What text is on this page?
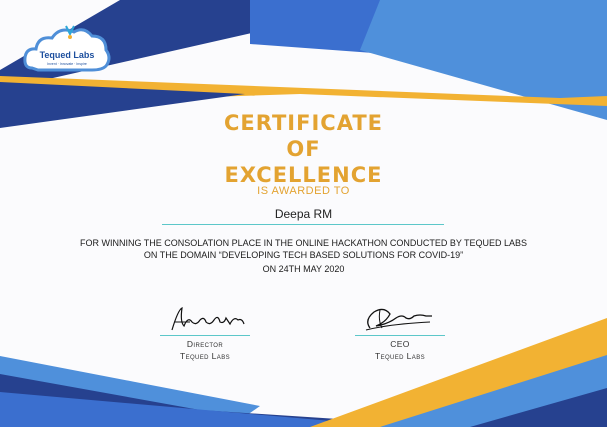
Tequed Labs
Invent · Innovate · Inspire
CERTIFICATE
OF
EXCELLENCE
IS AWARDED TO
Deepa RM
FOR WINNING THE CONSOLATION PLACE IN THE ONLINE HACKATHON CONDUCTED BY TEQUED LABS
ON THE DOMAIN “DEVELOPING TECH BASED SOLUTIONS FOR COVID-19”
ON 24TH MAY 2020
Director
Tequed Labs
CEO
Tequed Labs
